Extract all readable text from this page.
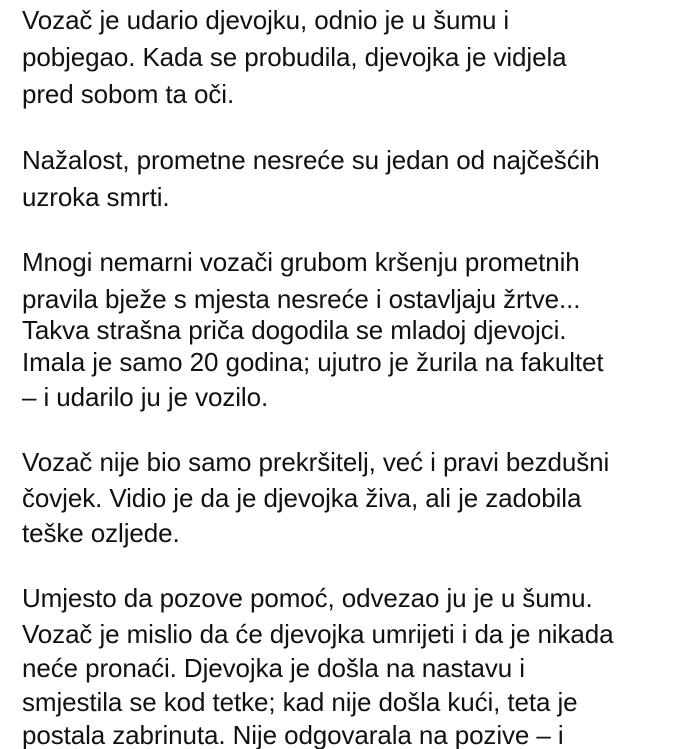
Vozač je udario djevojku, odnio je u šumu i

pobjegao. Kada se probudila, djevojka je vidjela

pred sobom ta oči.

Nažalost, prometne nesreće su jedan od najčešćih

uzroka smrti.

Mnogi nemarni vozači grubom kršenju prometnih

pravila bježe s mjesta nesreće i ostavljaju žrtve...

Takva strašna priča dogodila se mladoj djevojci.

Imala je samo 20 godina; ujutro je žurila na fakultet

– i udarilo ju je vozilo.

Vozač nije bio samo prekršitelj, već i pravi bezdušni

čovjek. Vidio je da je djevojka živa, ali je zadobila

teške ozljede.

Umjesto da pozove pomoć, odvezao ju je u šumu.

Vozač je mislio da će djevojka umrijeti i da je nikada

neće pronaći. Djevojka je došla na nastavu i

smjestila se kod tetke; kad nije došla kući, teta je

postala zabrinuta. Nije odgovarala na pozive – i
